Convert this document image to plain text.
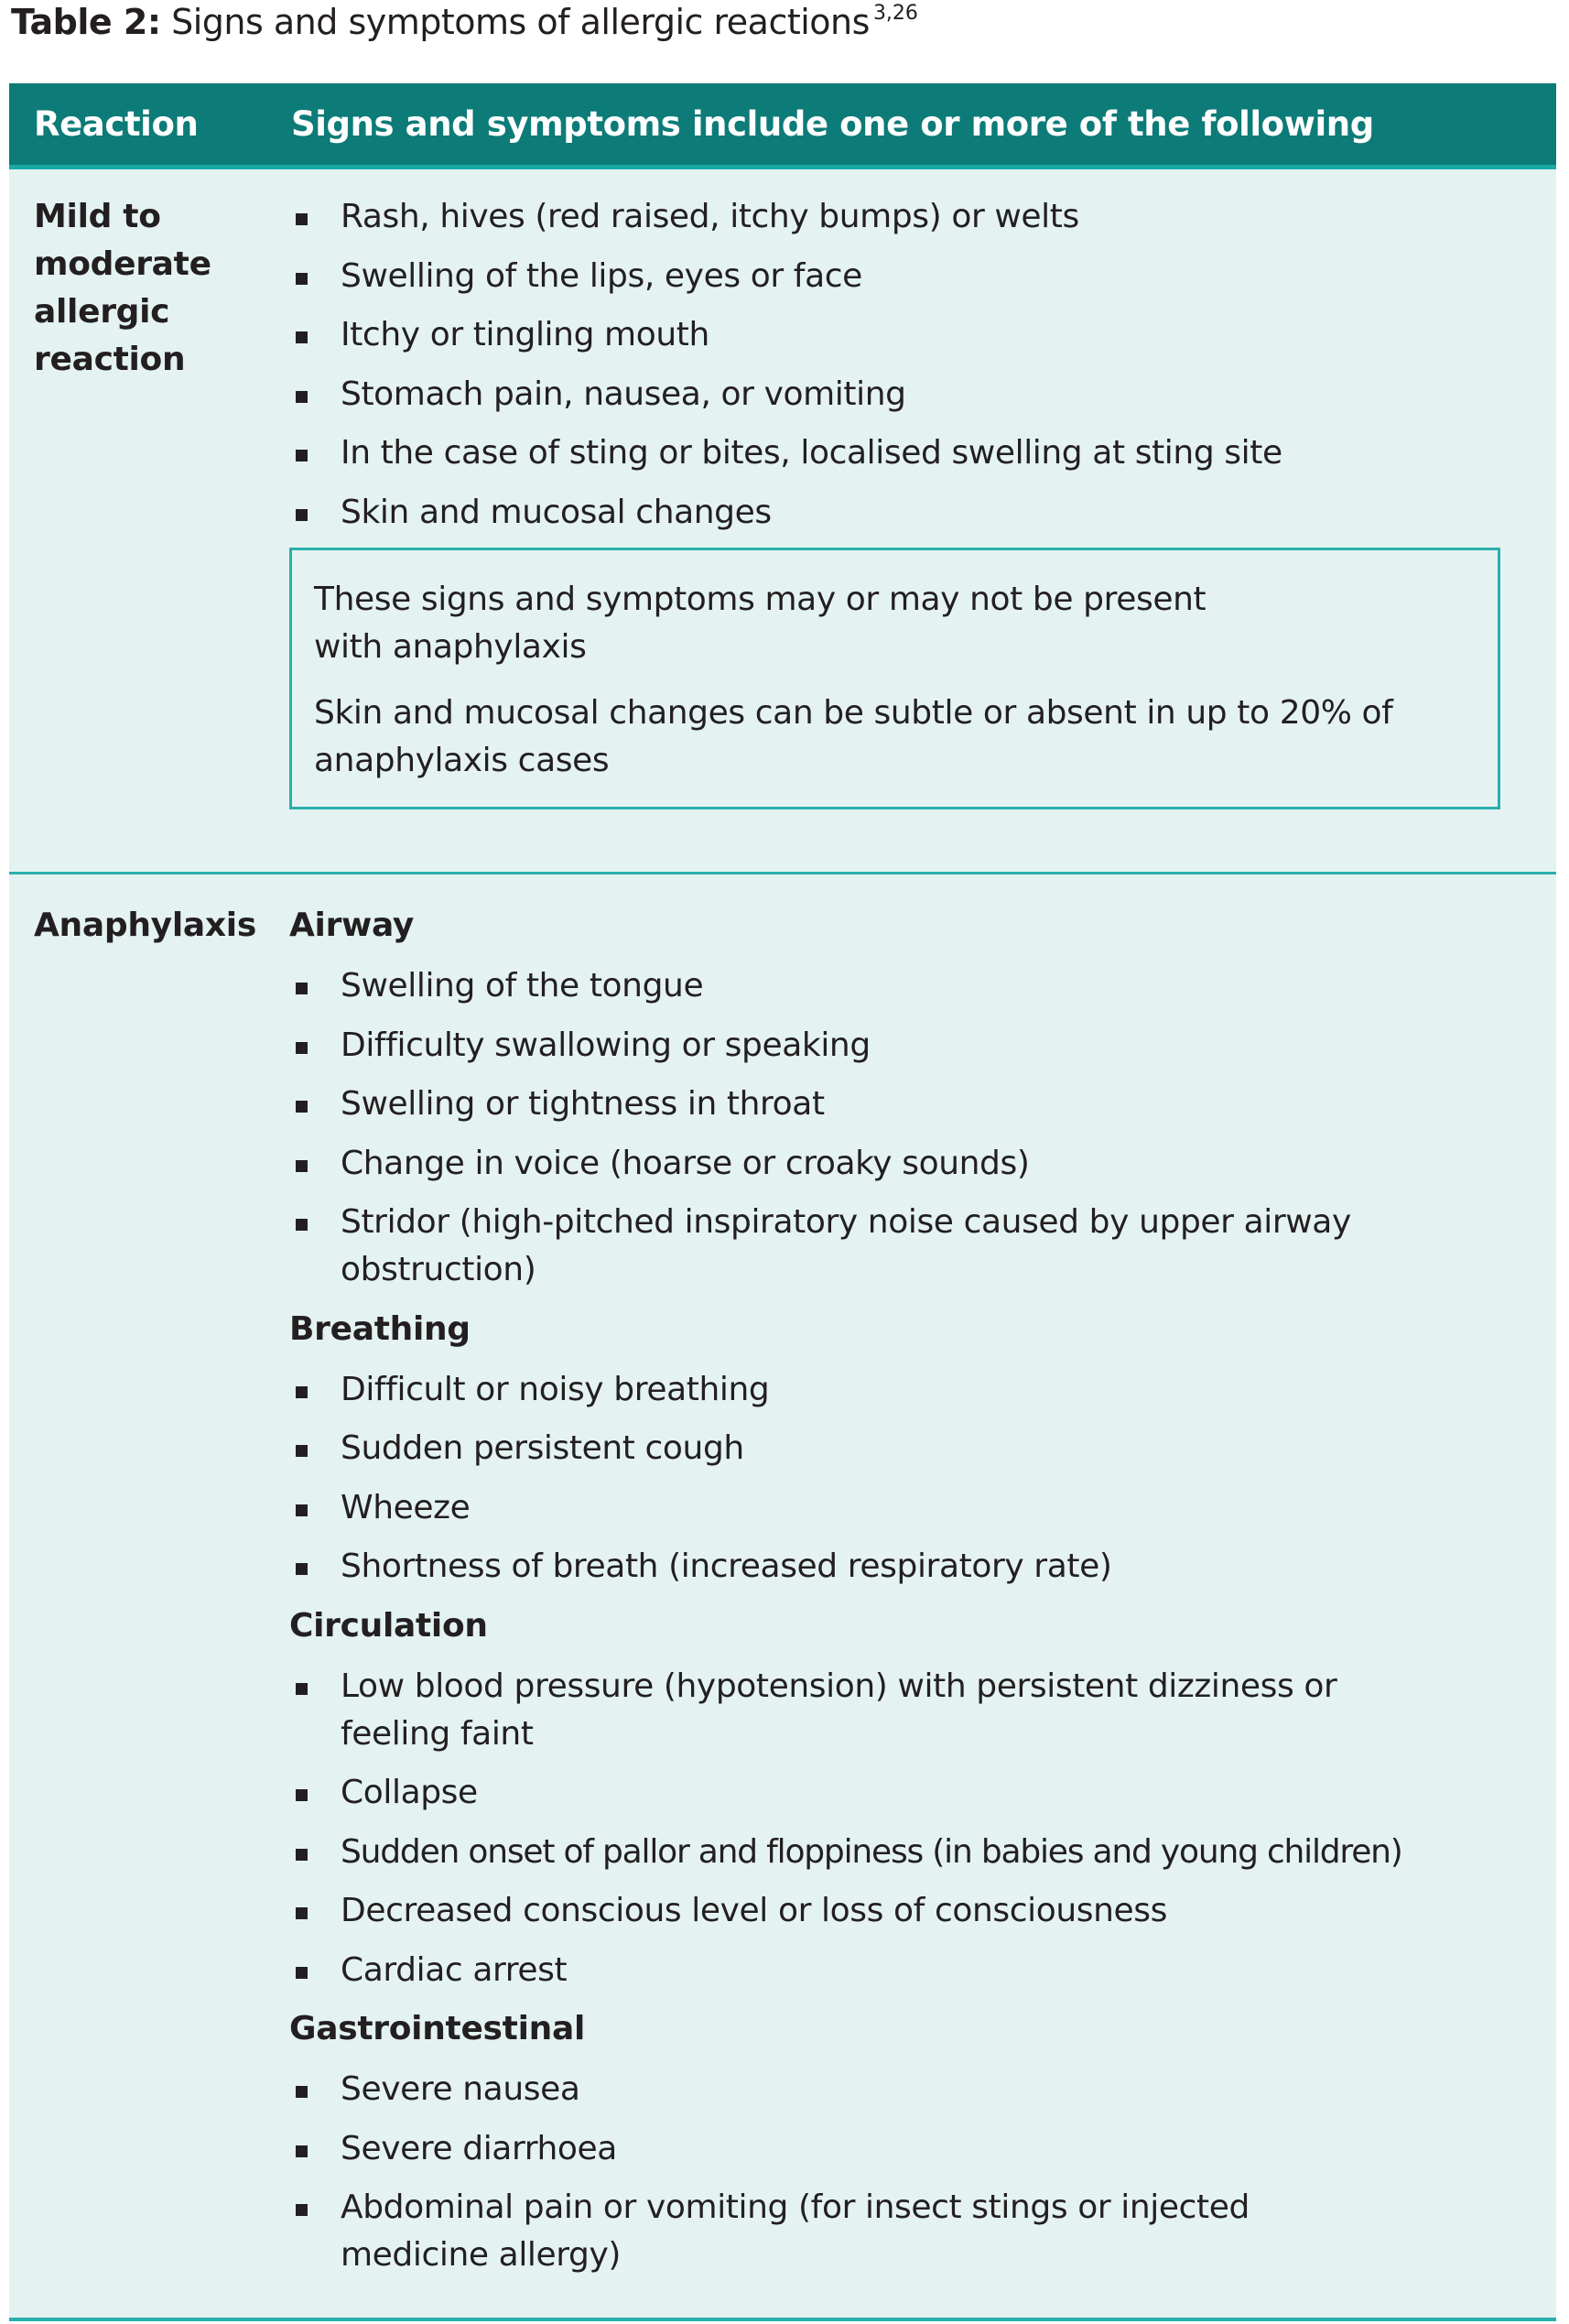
Table 2: Signs and symptoms of allergic reactions $^{3,26}$
Reaction	Signs and symptoms include one or more of the following
Mild to moderate allergic reaction
Rash, hives (red raised, itchy bumps) or welts
Swelling of the lips, eyes or face
Itchy or tingling mouth
Stomach pain, nausea, or vomiting
In the case of sting or bites, localised swelling at sting site
Skin and mucosal changes

These signs and symptoms may or may not be present with anaphylaxis

Skin and mucosal changes can be subtle or absent in up to 20% of anaphylaxis cases

Anaphylaxis	Airway
Swelling of the tongue
Difficulty swallowing or speaking
Swelling or tightness in throat
Change in voice (hoarse or croaky sounds)
Stridor (high-pitched inspiratory noise caused by upper airway obstruction)
Breathing
Difficult or noisy breathing
Sudden persistent cough
Wheeze
Shortness of breath (increased respiratory rate)
Circulation
Low blood pressure (hypotension) with persistent dizziness or feeling faint
Collapse
Sudden onset of pallor and floppiness (in babies and young children)
Decreased conscious level or loss of consciousness
Cardiac arrest
Gastrointestinal
Severe nausea
Severe diarrhoea
Abdominal pain or vomiting (for insect stings or injected medicine allergy)
